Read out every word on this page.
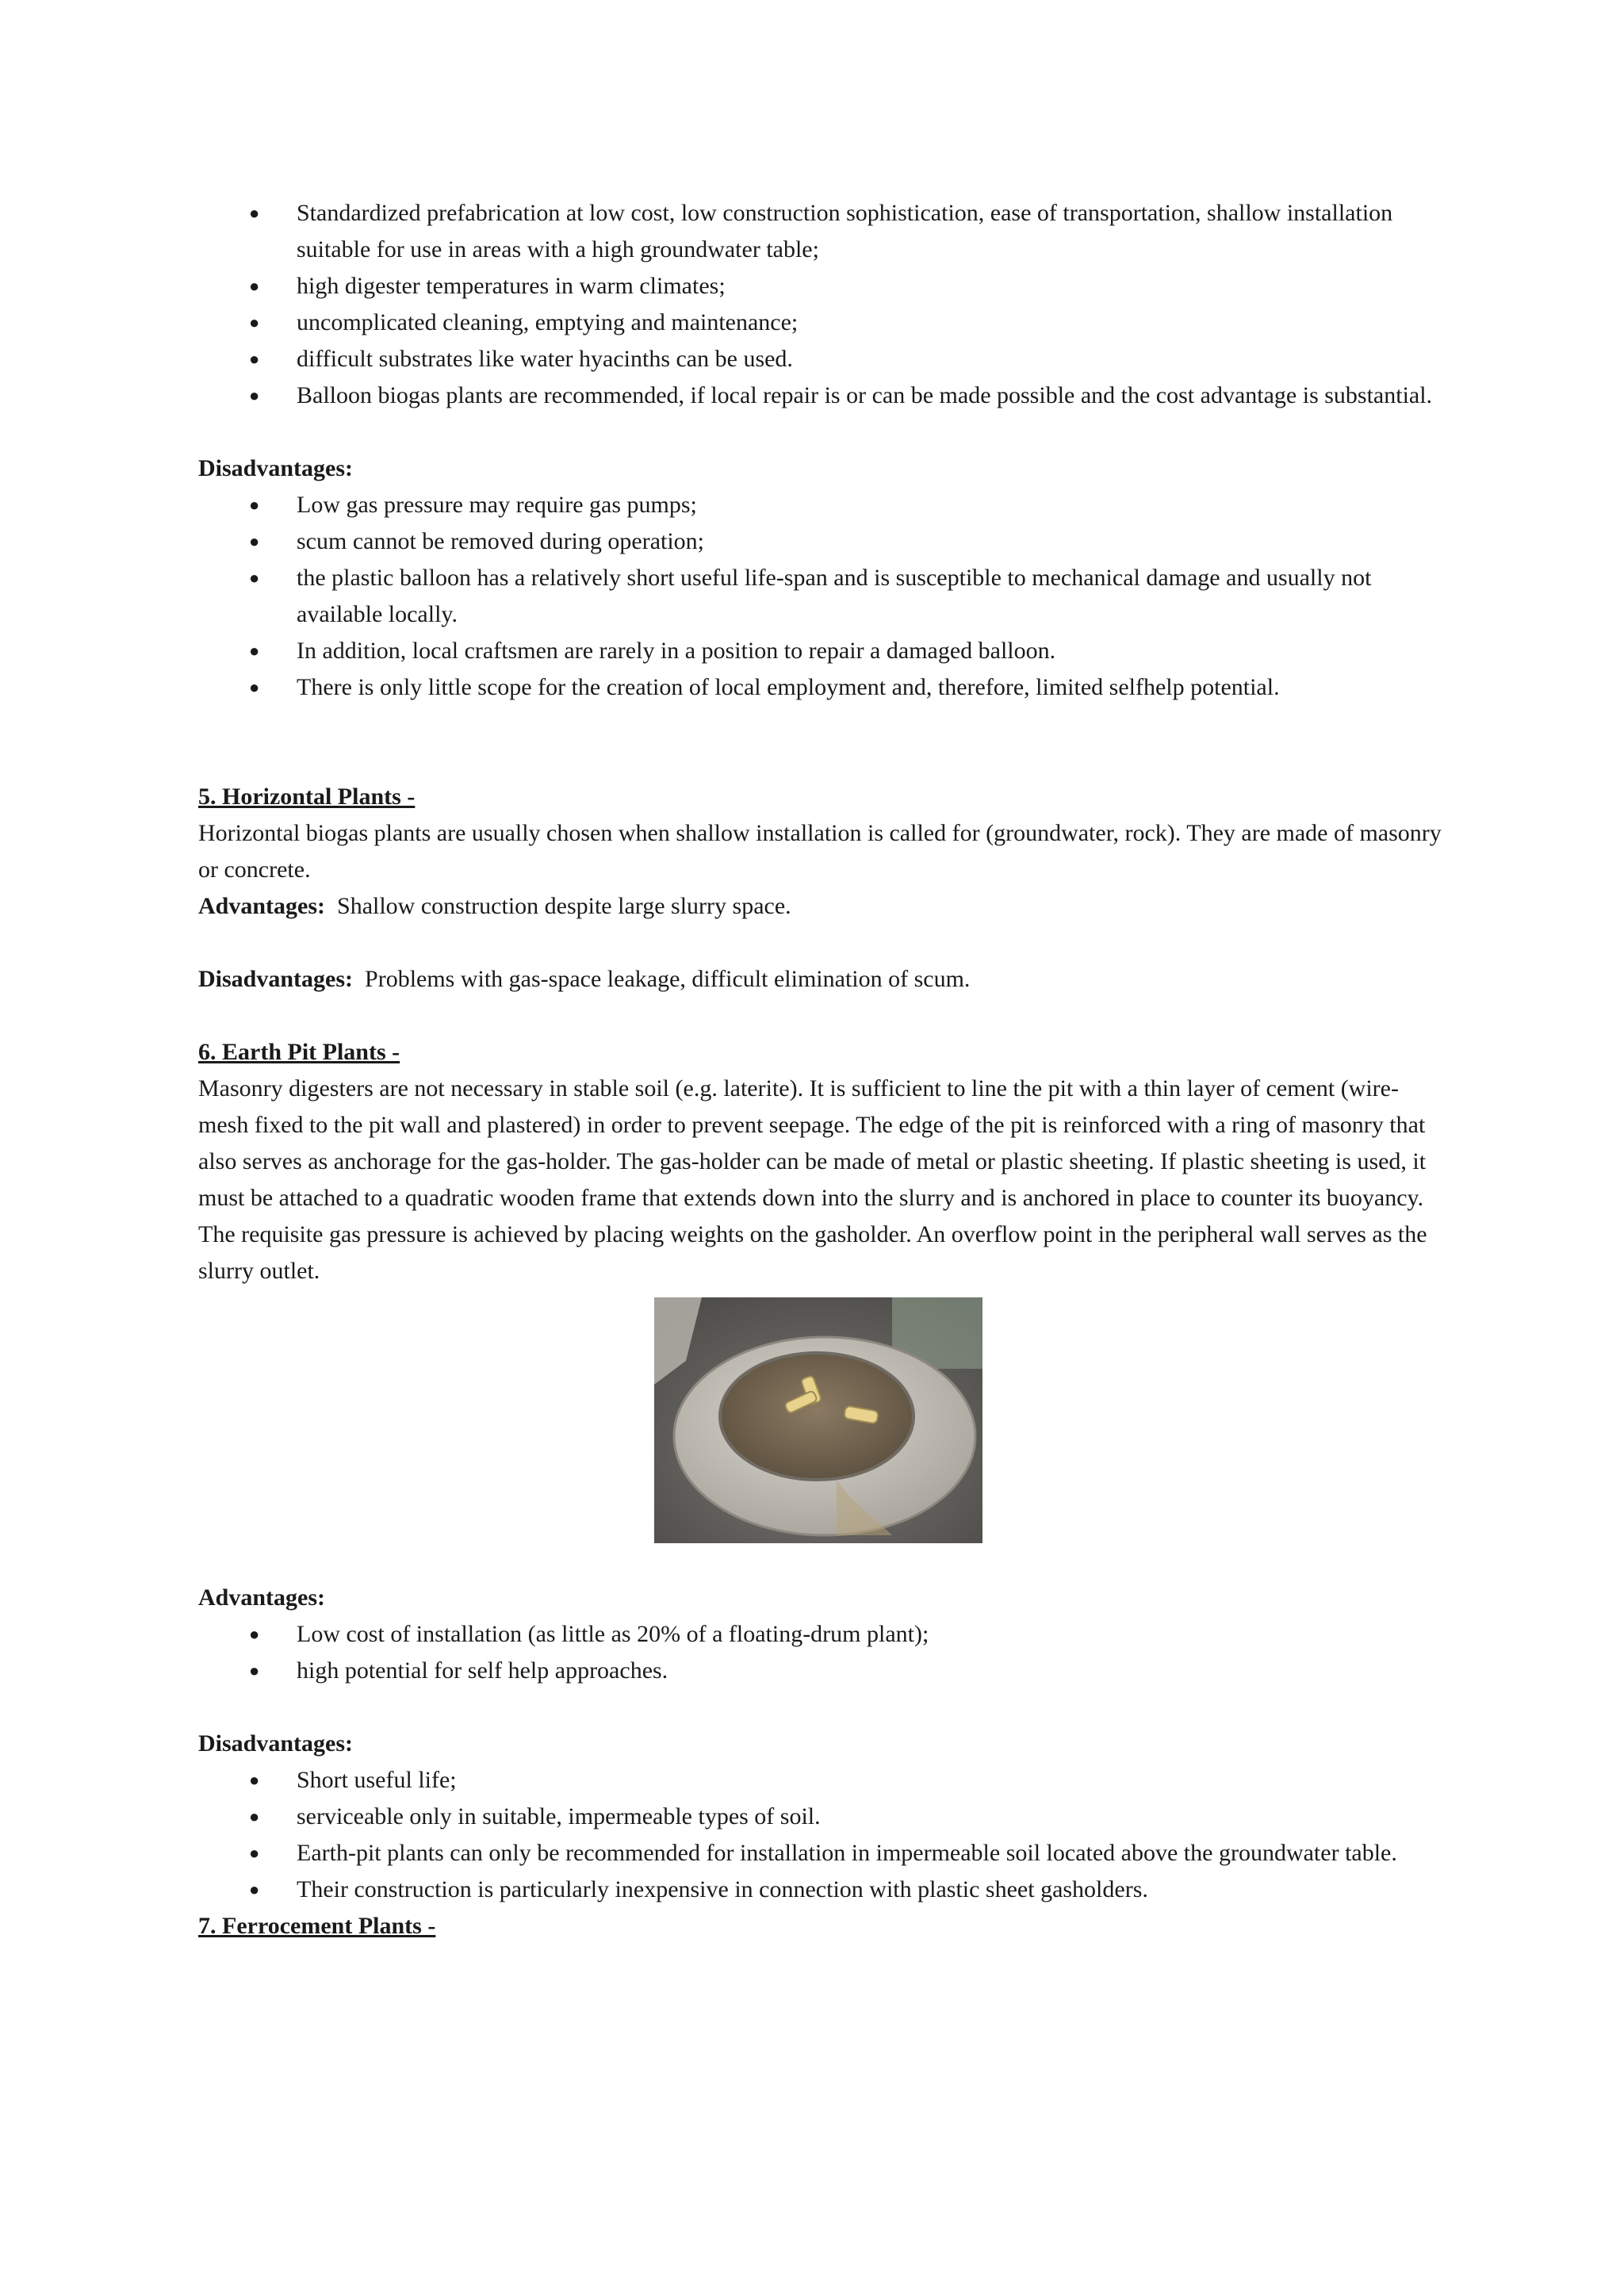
● Standardized prefabrication at low cost, low construction sophistication, ease of transportation, shallow installation suitable for use in areas with a high groundwater table;
● high digester temperatures in warm climates;
● uncomplicated cleaning, emptying and maintenance;
● difficult substrates like water hyacinths can be used.
● Balloon biogas plants are recommended, if local repair is or can be made possible and the cost advantage is substantial.

Disadvantages:

● Low gas pressure may require gas pumps;
● scum cannot be removed during operation;
● the plastic balloon has a relatively short useful life-span and is susceptible to mechanical damage and usually not available locally.
● In addition, local craftsmen are rarely in a position to repair a damaged balloon.
● There is only little scope for the creation of local employment and, therefore, limited selfhelp potential.

5. Horizontal Plants -

Horizontal biogas plants are usually chosen when shallow installation is called for (groundwater, rock). They are made of masonry or concrete.

Advantages: Shallow construction despite large slurry space.

Disadvantages: Problems with gas-space leakage, difficult elimination of scum.

6. Earth Pit Plants -

Masonry digesters are not necessary in stable soil (e.g. laterite). It is sufficient to line the pit with a thin layer of cement (wire-mesh fixed to the pit wall and plastered) in order to prevent seepage. The edge of the pit is reinforced with a ring of masonry that also serves as anchorage for the gas-holder. The gas-holder can be made of metal or plastic sheeting. If plastic sheeting is used, it must be attached to a quadratic wooden frame that extends down into the slurry and is anchored in place to counter its buoyancy. The requisite gas pressure is achieved by placing weights on the gasholder. An overflow point in the peripheral wall serves as the slurry outlet.

Advantages:

● Low cost of installation (as little as 20% of a floating-drum plant);
● high potential for self help approaches.

Disadvantages:

● Short useful life;
● serviceable only in suitable, impermeable types of soil.
● Earth-pit plants can only be recommended for installation in impermeable soil located above the groundwater table.
● Their construction is particularly inexpensive in connection with plastic sheet gasholders.

7. Ferrocement Plants -
